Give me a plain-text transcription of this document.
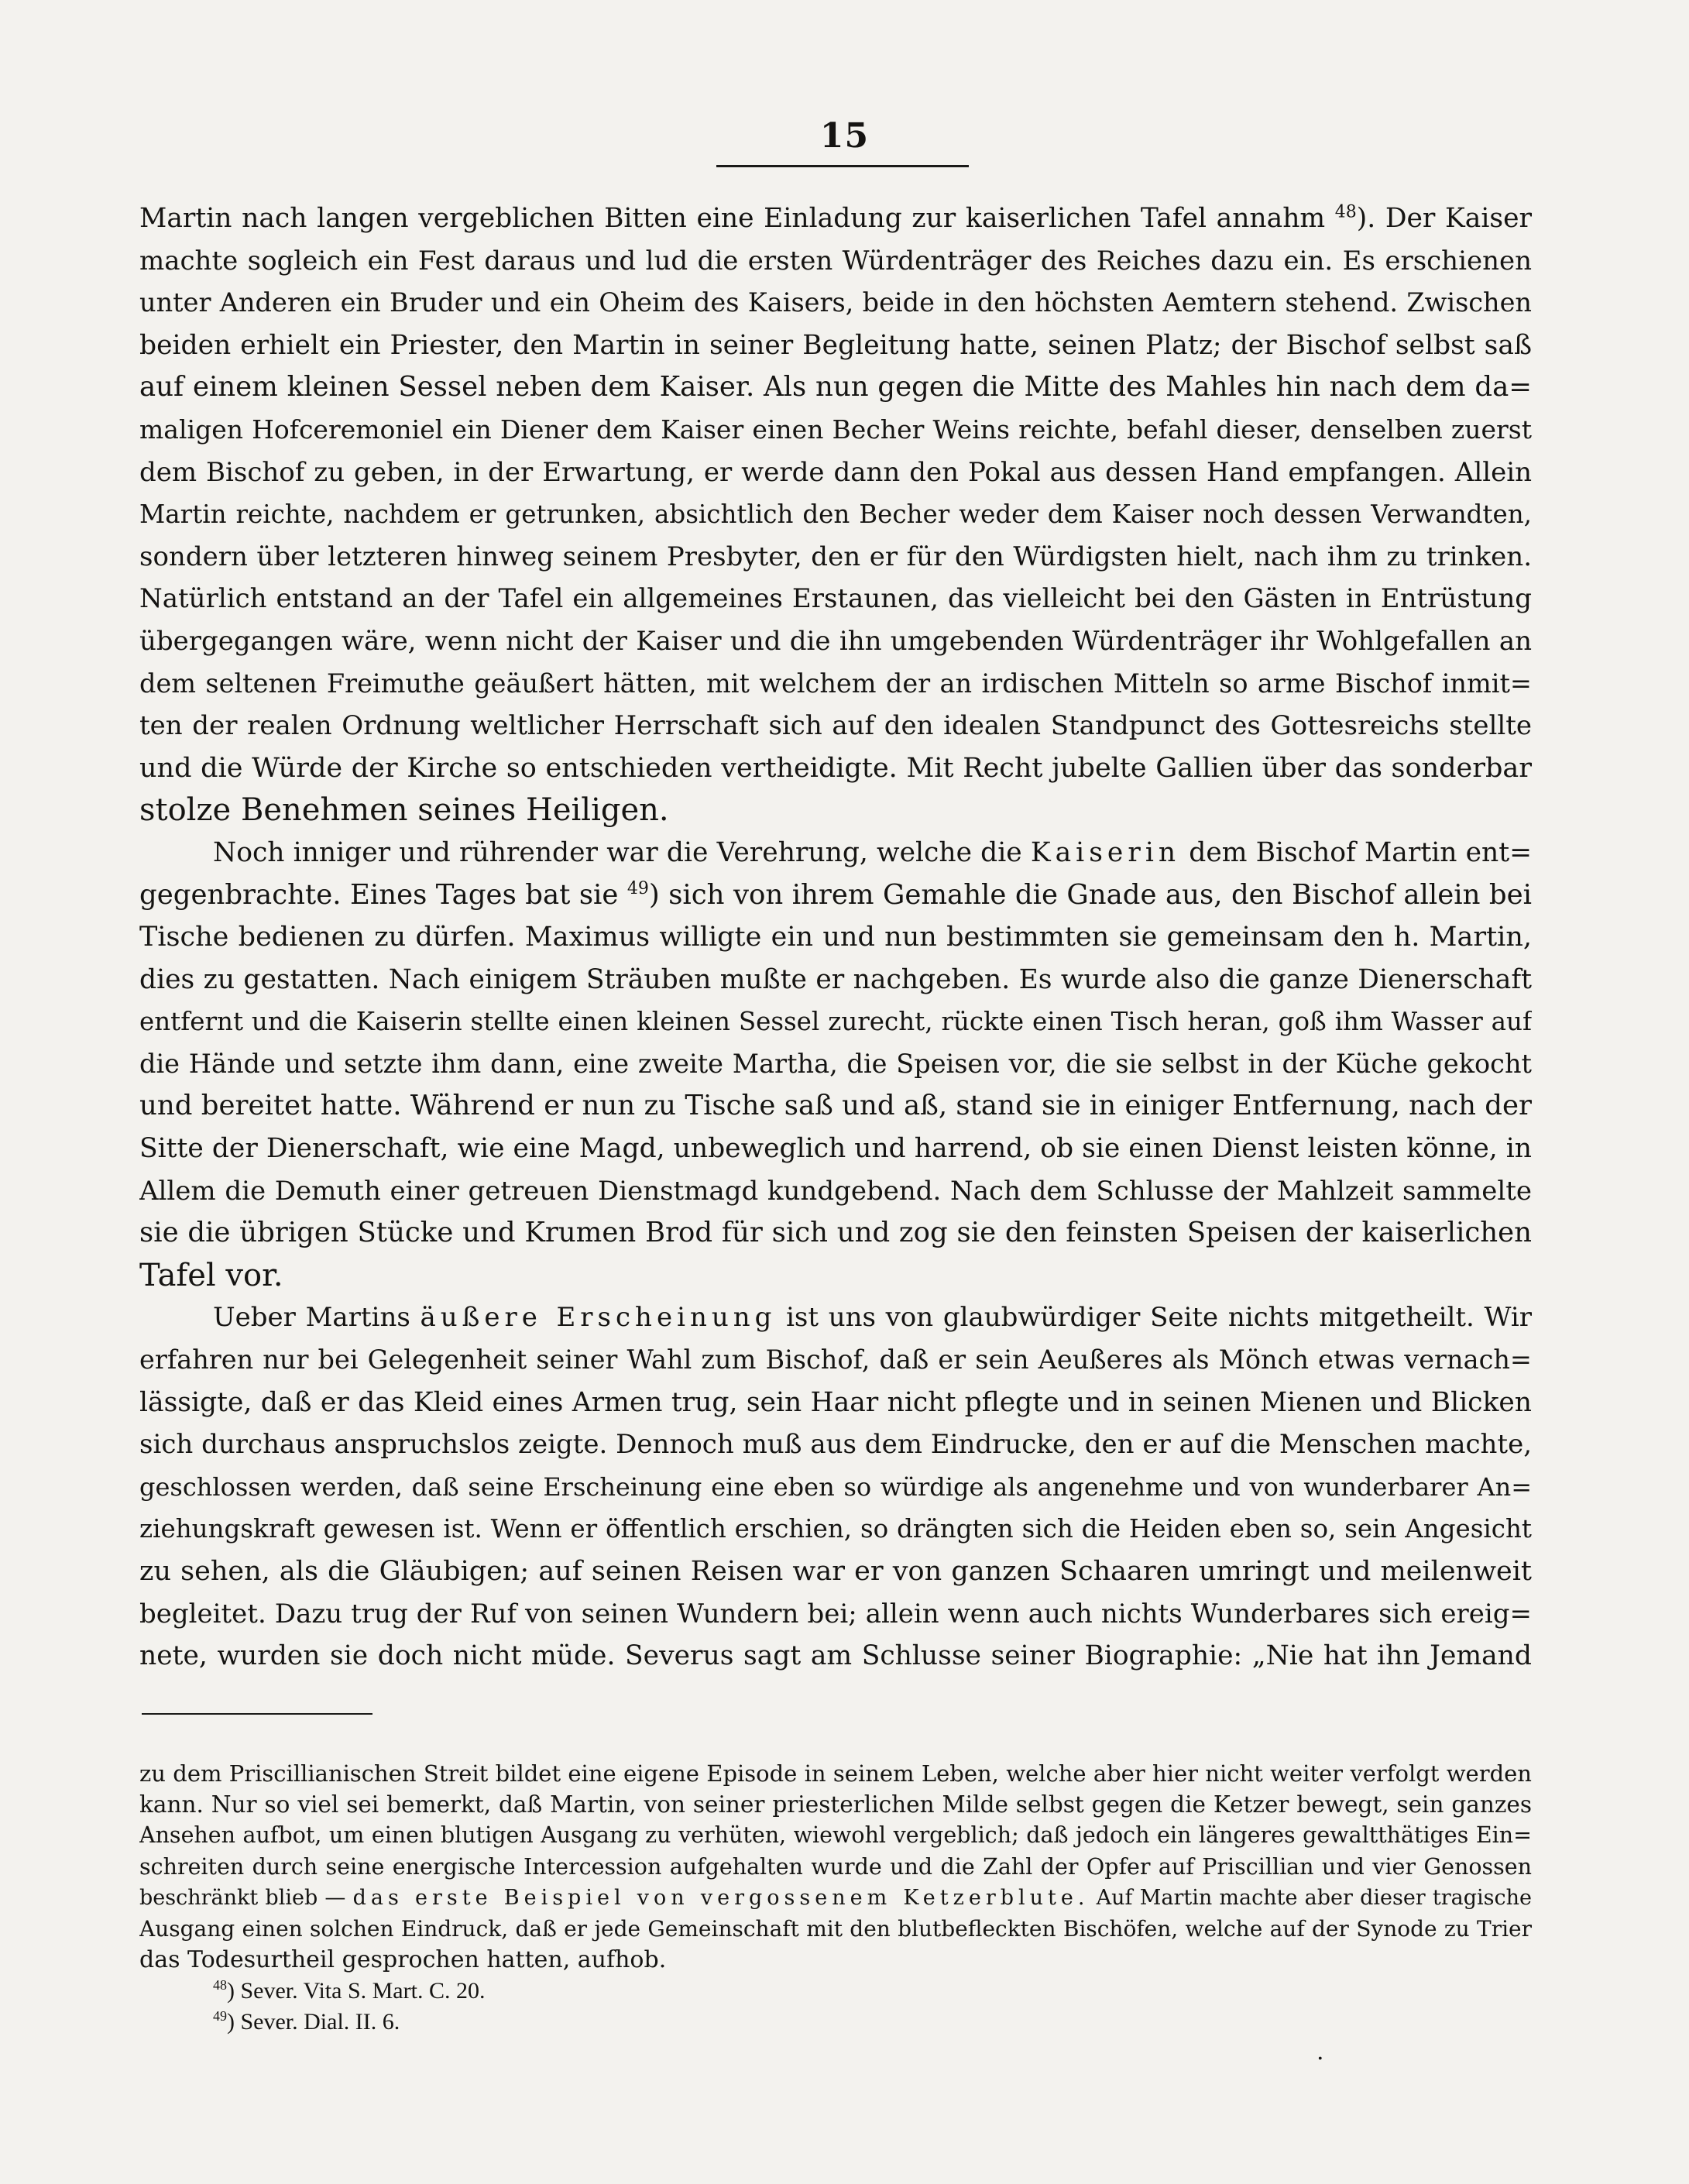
15
Martin nach langen vergeblichen Bitten eine Einladung zur kaiserlichen Tafel annahm $^{48}$). Der Kaiser
machte sogleich ein Fest daraus und lud die ersten Würdenträger des Reiches dazu ein. Es erschienen
unter Anderen ein Bruder und ein Oheim des Kaisers, beide in den höchsten Aemtern stehend. Zwischen
beiden erhielt ein Priester, den Martin in seiner Begleitung hatte, seinen Platz; der Bischof selbst saß
auf einem kleinen Sessel neben dem Kaiser. Als nun gegen die Mitte des Mahles hin nach dem da=
maligen Hofceremoniel ein Diener dem Kaiser einen Becher Weins reichte, befahl dieser, denselben zuerst
dem Bischof zu geben, in der Erwartung, er werde dann den Pokal aus dessen Hand empfangen. Allein
Martin reichte, nachdem er getrunken, absichtlich den Becher weder dem Kaiser noch dessen Verwandten,
sondern über letzteren hinweg seinem Presbyter, den er für den Würdigsten hielt, nach ihm zu trinken.
Natürlich entstand an der Tafel ein allgemeines Erstaunen, das vielleicht bei den Gästen in Entrüstung
übergegangen wäre, wenn nicht der Kaiser und die ihn umgebenden Würdenträger ihr Wohlgefallen an
dem seltenen Freimuthe geäußert hätten, mit welchem der an irdischen Mitteln so arme Bischof inmit=
ten der realen Ordnung weltlicher Herrschaft sich auf den idealen Standpunct des Gottesreichs stellte
und die Würde der Kirche so entschieden vertheidigte. Mit Recht jubelte Gallien über das sonderbar
stolze Benehmen seines Heiligen.
Noch inniger und rührender war die Verehrung, welche die Kaiserin dem Bischof Martin ent=
gegenbrachte. Eines Tages bat sie $^{49}$) sich von ihrem Gemahle die Gnade aus, den Bischof allein bei
Tische bedienen zu dürfen. Maximus willigte ein und nun bestimmten sie gemeinsam den h. Martin,
dies zu gestatten. Nach einigem Sträuben mußte er nachgeben. Es wurde also die ganze Dienerschaft
entfernt und die Kaiserin stellte einen kleinen Sessel zurecht, rückte einen Tisch heran, goß ihm Wasser auf
die Hände und setzte ihm dann, eine zweite Martha, die Speisen vor, die sie selbst in der Küche gekocht
und bereitet hatte. Während er nun zu Tische saß und aß, stand sie in einiger Entfernung, nach der
Sitte der Dienerschaft, wie eine Magd, unbeweglich und harrend, ob sie einen Dienst leisten könne, in
Allem die Demuth einer getreuen Dienstmagd kundgebend. Nach dem Schlusse der Mahlzeit sammelte
sie die übrigen Stücke und Krumen Brod für sich und zog sie den feinsten Speisen der kaiserlichen
Tafel vor.
Ueber Martins äußere Erscheinung ist uns von glaubwürdiger Seite nichts mitgetheilt. Wir
erfahren nur bei Gelegenheit seiner Wahl zum Bischof, daß er sein Aeußeres als Mönch etwas vernach=
lässigte, daß er das Kleid eines Armen trug, sein Haar nicht pflegte und in seinen Mienen und Blicken
sich durchaus anspruchslos zeigte. Dennoch muß aus dem Eindrucke, den er auf die Menschen machte,
geschlossen werden, daß seine Erscheinung eine eben so würdige als angenehme und von wunderbarer An=
ziehungskraft gewesen ist. Wenn er öffentlich erschien, so drängten sich die Heiden eben so, sein Angesicht
zu sehen, als die Gläubigen; auf seinen Reisen war er von ganzen Schaaren umringt und meilenweit
begleitet. Dazu trug der Ruf von seinen Wundern bei; allein wenn auch nichts Wunderbares sich ereig=
nete, wurden sie doch nicht müde. Severus sagt am Schlusse seiner Biographie: „Nie hat ihn Jemand
zu dem Priscillianischen Streit bildet eine eigene Episode in seinem Leben, welche aber hier nicht weiter verfolgt werden
kann. Nur so viel sei bemerkt, daß Martin, von seiner priesterlichen Milde selbst gegen die Ketzer bewegt, sein ganzes
Ansehen aufbot, um einen blutigen Ausgang zu verhüten, wiewohl vergeblich; daß jedoch ein längeres gewaltthätiges Ein=
schreiten durch seine energische Intercession aufgehalten wurde und die Zahl der Opfer auf Priscillian und vier Genossen
beschränkt blieb — das erste Beispiel von vergossenem Ketzerblute. Auf Martin machte aber dieser tragische
Ausgang einen solchen Eindruck, daß er jede Gemeinschaft mit den blutbefleckten Bischöfen, welche auf der Synode zu Trier
das Todesurtheil gesprochen hatten, aufhob.
$^{48}$) Sever. Vita S. Mart. C. 20.
$^{49}$) Sever. Dial. II. 6.
.
